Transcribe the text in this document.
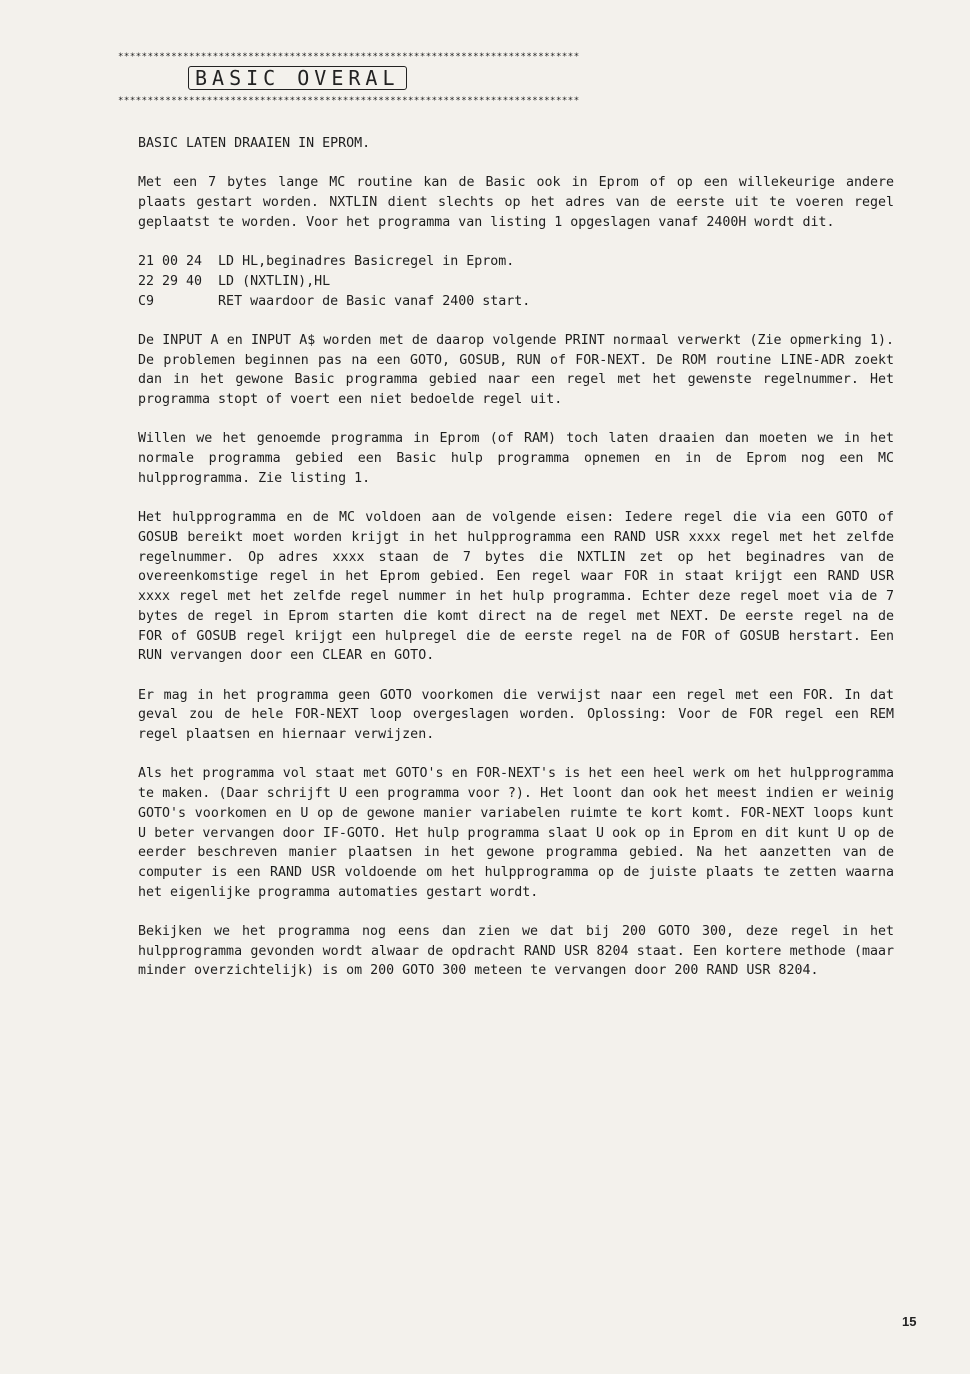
******************************************************************************
BASIC OVERAL
******************************************************************************
BASIC LATEN DRAAIEN IN EPROM.
Met een 7 bytes lange MC routine kan de Basic ook in Eprom of op een willekeurige andere plaats gestart worden. NXTLIN dient slechts op het adres van de eerste uit te voeren regel geplaatst te worden. Voor het programma van listing 1 opgeslagen vanaf 2400H wordt dit.
21 00 24  LD HL,beginadres Basicregel in Eprom.
22 29 40  LD (NXTLIN),HL
C9        RET waardoor de Basic vanaf 2400 start.
De INPUT A en INPUT A$ worden met de daarop volgende PRINT normaal verwerkt (Zie opmerking 1). De problemen beginnen pas na een GOTO, GOSUB, RUN of FOR-NEXT. De ROM routine LINE-ADR zoekt dan in het gewone Basic programma gebied naar een regel met het gewenste regelnummer. Het programma stopt of voert een niet bedoelde regel uit.
Willen we het genoemde programma in Eprom (of RAM) toch laten draaien dan moeten we in het normale programma gebied een Basic hulp programma opnemen en in de Eprom nog een MC hulpprogramma. Zie listing 1.
Het hulpprogramma en de MC voldoen aan de volgende eisen: Iedere regel die via een GOTO of GOSUB bereikt moet worden krijgt in het hulpprogramma een RAND USR xxxx regel met het zelfde regelnummer. Op adres xxxx staan de 7 bytes die NXTLIN zet op het beginadres van de overeenkomstige regel in het Eprom gebied. Een regel waar FOR in staat krijgt een RAND USR xxxx regel met het zelfde regel nummer in het hulp programma. Echter deze regel moet via de 7 bytes de regel in Eprom starten die komt direct na de regel met NEXT. De eerste regel na de FOR of GOSUB regel krijgt een hulpregel die de eerste regel na de FOR of GOSUB herstart. Een RUN vervangen door een CLEAR en GOTO.
Er mag in het programma geen GOTO voorkomen die verwijst naar een regel met een FOR. In dat geval zou de hele FOR-NEXT loop overgeslagen worden. Oplossing: Voor de FOR regel een REM regel plaatsen en hiernaar verwijzen.
Als het programma vol staat met GOTO's en FOR-NEXT's is het een heel werk om het hulpprogramma te maken. (Daar schrijft U een programma voor ?). Het loont dan ook het meest indien er weinig GOTO's voorkomen en U op de gewone manier variabelen ruimte te kort komt. FOR-NEXT loops kunt U beter vervangen door IF-GOTO. Het hulp programma slaat U ook op in Eprom en dit kunt U op de eerder beschreven manier plaatsen in het gewone programma gebied. Na het aanzetten van de computer is een RAND USR voldoende om het hulpprogramma op de juiste plaats te zetten waarna het eigenlijke programma automaties gestart wordt.
Bekijken we het programma nog eens dan zien we dat bij 200 GOTO 300, deze regel in het hulpprogramma gevonden wordt alwaar de opdracht RAND USR 8204 staat. Een kortere methode (maar minder overzichtelijk) is om 200 GOTO 300 meteen te vervangen door 200 RAND USR 8204.
15
